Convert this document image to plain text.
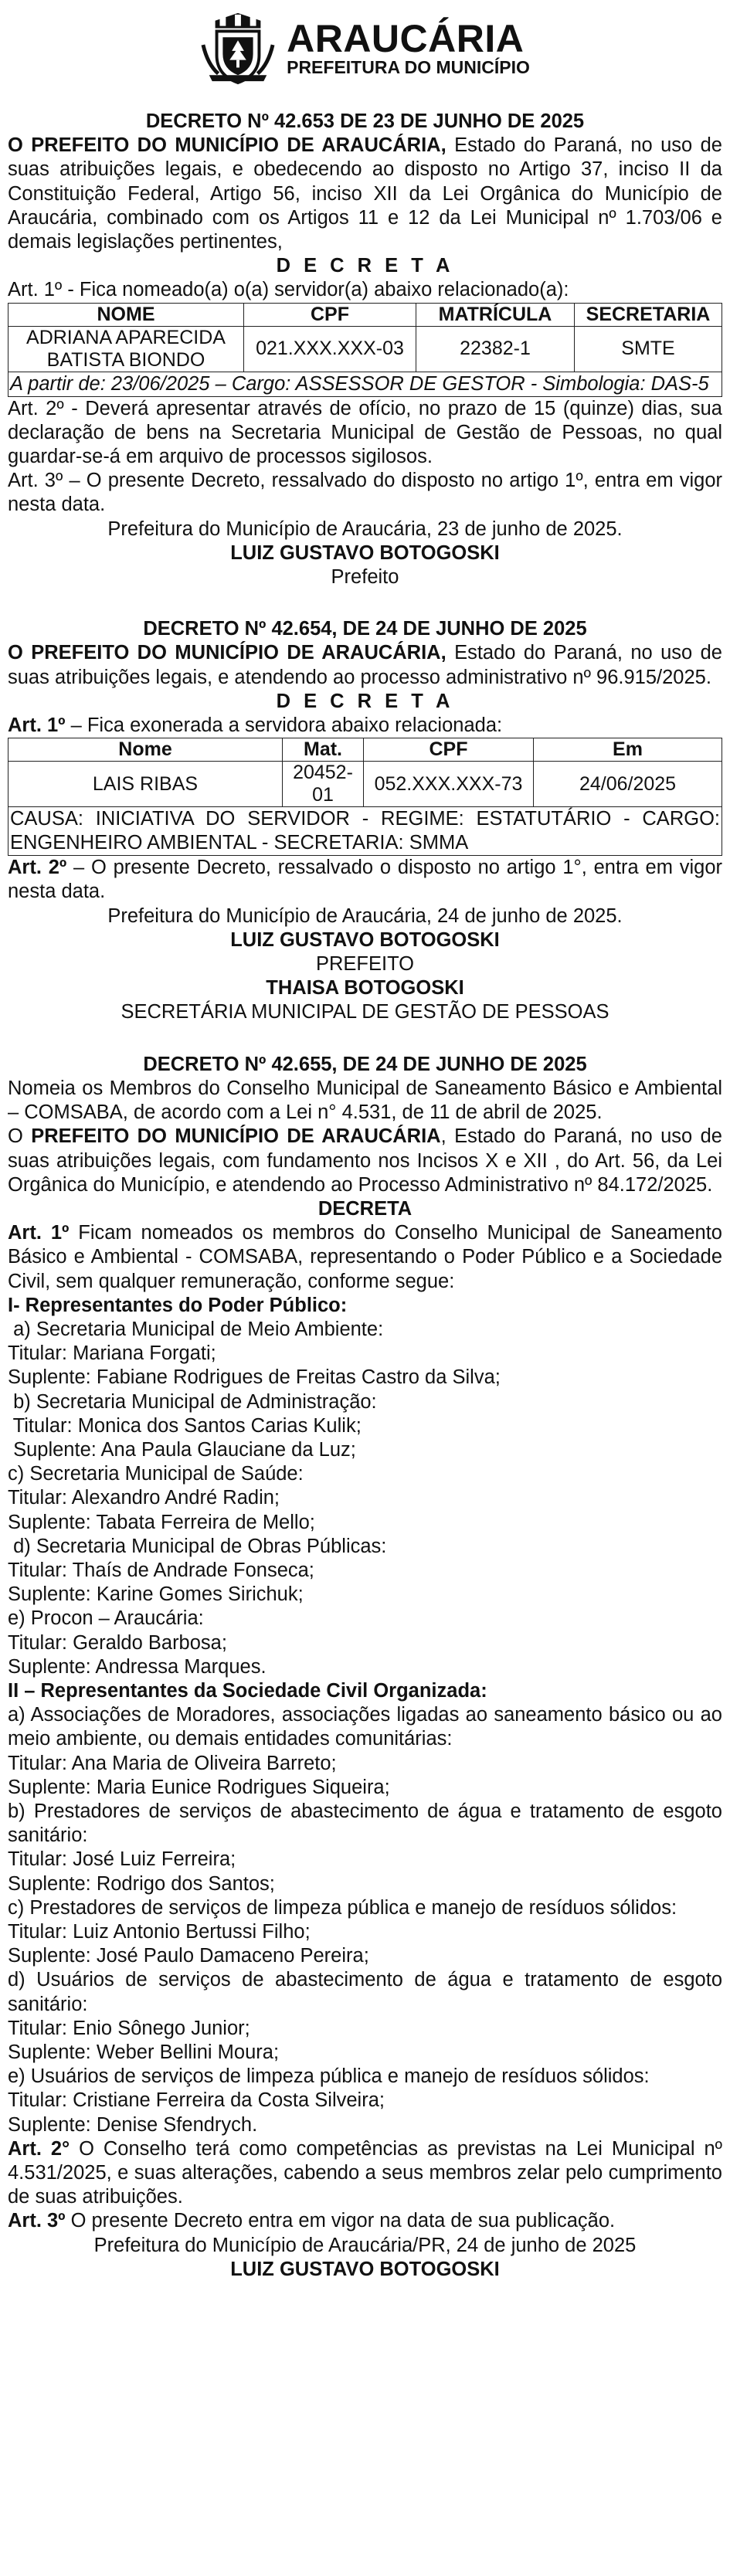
ARAUCÁRIA
PREFEITURA DO MUNICÍPIO
DECRETO Nº 42.653 DE 23 DE JUNHO DE 2025

O PREFEITO DO MUNICÍPIO DE ARAUCÁRIA, Estado do Paraná, no uso de suas atribuições legais, e obedecendo ao disposto no Artigo 37, inciso II da Constituição Federal, Artigo 56, inciso XII da Lei Orgânica do Município de Araucária, combinado com os Artigos 11 e 12 da Lei Municipal nº 1.703/06 e demais legislações pertinentes,

D E C R E T A

Art. 1º - Fica nomeado(a) o(a) servidor(a) abaixo relacionado(a):

NOME	CPF	MATRÍCULA	SECRETARIA
ADRIANA APARECIDA BATISTA BIONDO	021.XXX.XXX-03	22382-1	SMTE
A partir de: 23/06/2025 – Cargo: ASSESSOR DE GESTOR - Simbologia: DAS-5			

Art. 2º - Deverá apresentar através de ofício, no prazo de 15 (quinze) dias, sua declaração de bens na Secretaria Municipal de Gestão de Pessoas, no qual guardar-se-á em arquivo de processos sigilosos.

Art. 3º – O presente Decreto, ressalvado do disposto no artigo 1º, entra em vigor nesta data.

Prefeitura do Município de Araucária, 23 de junho de 2025.
LUIZ GUSTAVO BOTOGOSKI
Prefeito
DECRETO Nº 42.654, DE 24 DE JUNHO DE 2025

O PREFEITO DO MUNICÍPIO DE ARAUCÁRIA, Estado do Paraná, no uso de suas atribuições legais, e atendendo ao processo administrativo nº 96.915/2025.

D E C R E T A

Art. 1º – Fica exonerada a servidora abaixo relacionada:

Nome	Mat.	CPF	Em
LAIS RIBAS	20452-01	052.XXX.XXX-73	24/06/2025
CAUSA: INICIATIVA DO SERVIDOR - REGIME: ESTATUTÁRIO - CARGO: ENGENHEIRO AMBIENTAL - SECRETARIA: SMMA			

Art. 2º – O presente Decreto, ressalvado o disposto no artigo 1°, entra em vigor nesta data.

Prefeitura do Município de Araucária, 24 de junho de 2025.
LUIZ GUSTAVO BOTOGOSKI
PREFEITO
THAISA BOTOGOSKI
SECRETÁRIA MUNICIPAL DE GESTÃO DE PESSOAS
DECRETO Nº 42.655, DE 24 DE JUNHO DE 2025

Nomeia os Membros do Conselho Municipal de Saneamento Básico e Ambiental – COMSABA, de acordo com a Lei n° 4.531, de 11 de abril de 2025.

O PREFEITO DO MUNICÍPIO DE ARAUCÁRIA, Estado do Paraná, no uso de suas atribuições legais, com fundamento nos Incisos X e XII , do Art. 56, da Lei Orgânica do Município, e atendendo ao Processo Administrativo nº 84.172/2025.

DECRETA

Art. 1º Ficam nomeados os membros do Conselho Municipal de Saneamento Básico e Ambiental - COMSABA, representando o Poder Público e a Sociedade Civil, sem qualquer remuneração, conforme segue:

I- Representantes do Poder Público:
a) Secretaria Municipal de Meio Ambiente:
Titular: Mariana Forgati;
Suplente: Fabiane Rodrigues de Freitas Castro da Silva;
b) Secretaria Municipal de Administração:
Titular: Monica dos Santos Carias Kulik;
Suplente: Ana Paula Glauciane da Luz;
c) Secretaria Municipal de Saúde:
Titular: Alexandro André Radin;
Suplente: Tabata Ferreira de Mello;
d) Secretaria Municipal de Obras Públicas:
Titular: Thaís de Andrade Fonseca;
Suplente: Karine Gomes Sirichuk;
e) Procon – Araucária:
Titular: Geraldo Barbosa;
Suplente: Andressa Marques.
II – Representantes da Sociedade Civil Organizada:

a) Associações de Moradores, associações ligadas ao saneamento básico ou ao meio ambiente, ou demais entidades comunitárias:

Titular: Ana Maria de Oliveira Barreto;
Suplente: Maria Eunice Rodrigues Siqueira;

b) Prestadores de serviços de abastecimento de água e tratamento de esgoto sanitário:

Titular: José Luiz Ferreira;
Suplente: Rodrigo dos Santos;

c) Prestadores de serviços de limpeza pública e manejo de resíduos sólidos:

Titular: Luiz Antonio Bertussi Filho;
Suplente: José Paulo Damaceno Pereira;

d) Usuários de serviços de abastecimento de água e tratamento de esgoto sanitário:

Titular: Enio Sônego Junior;
Suplente: Weber Bellini Moura;

e) Usuários de serviços de limpeza pública e manejo de resíduos sólidos:

Titular: Cristiane Ferreira da Costa Silveira;
Suplente: Denise Sfendrych.

Art. 2° O Conselho terá como competências as previstas na Lei Municipal nº 4.531/2025, e suas alterações, cabendo a seus membros zelar pelo cumprimento de suas atribuições.

Art. 3º O presente Decreto entra em vigor na data de sua publicação.

Prefeitura do Município de Araucária/PR, 24 de junho de 2025
LUIZ GUSTAVO BOTOGOSKI
